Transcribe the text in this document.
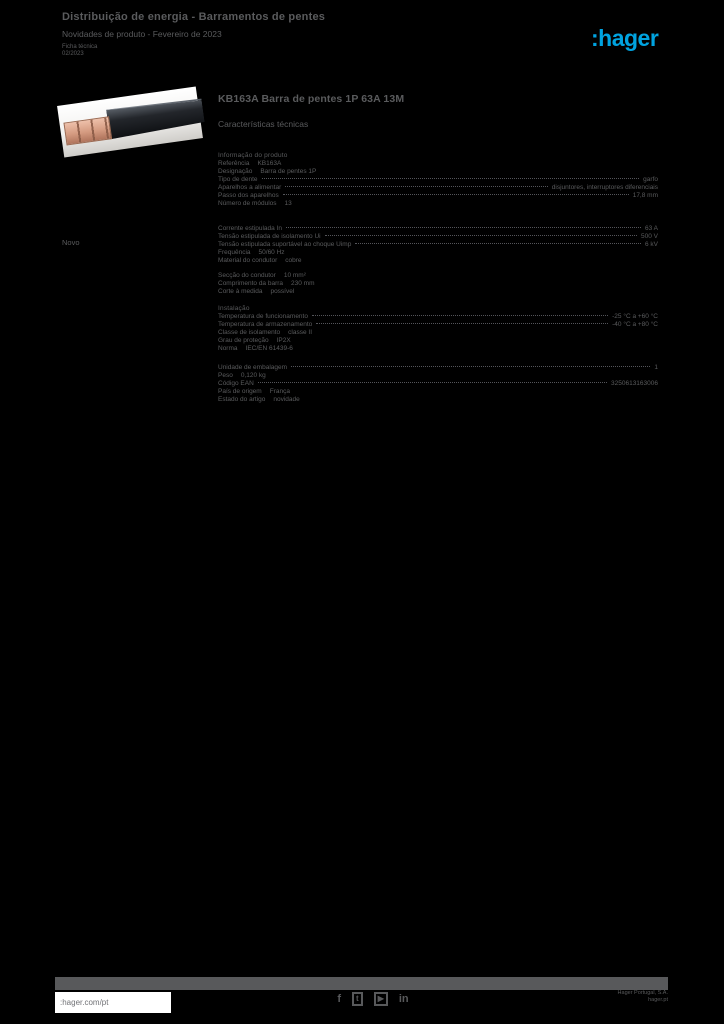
Distribuição de energia - Barramentos de pentes
Novidades de produto - Fevereiro de 2023
Ficha técnica
02/2023
:hager
Novo
KB163A Barra de pentes 1P 63A 13M
Características técnicas
Informação do produto
Referência KB163A
Designação Barra de pentes 1P
Tipo de dente	garfo
Aparelhos a alimentar	disjuntores, interruptores diferenciais
Passo dos aparelhos	17,8 mm
Número de módulos 13
Corrente estipulada In	63 A
Tensão estipulada de isolamento Ui	500 V
Tensão estipulada suportável ao choque Uimp	6 kV
Frequência 50/60 Hz
Material do condutor cobre
Secção do condutor 10 mm²
Comprimento da barra 230 mm
Corte à medida possível
Instalação
Temperatura de funcionamento	-25 °C a +60 °C
Temperatura de armazenamento	-40 °C a +80 °C
Classe de isolamento classe II
Grau de proteção IP2X
Norma IEC/EN 61439-6
Unidade de embalagem	1
Peso 0,120 kg
Código EAN	3250613163006
País de origem França
Estado do artigo novidade
:hager.com/pt	f	t	▶	in	Hager Portugal, S.A.
hager.pt
